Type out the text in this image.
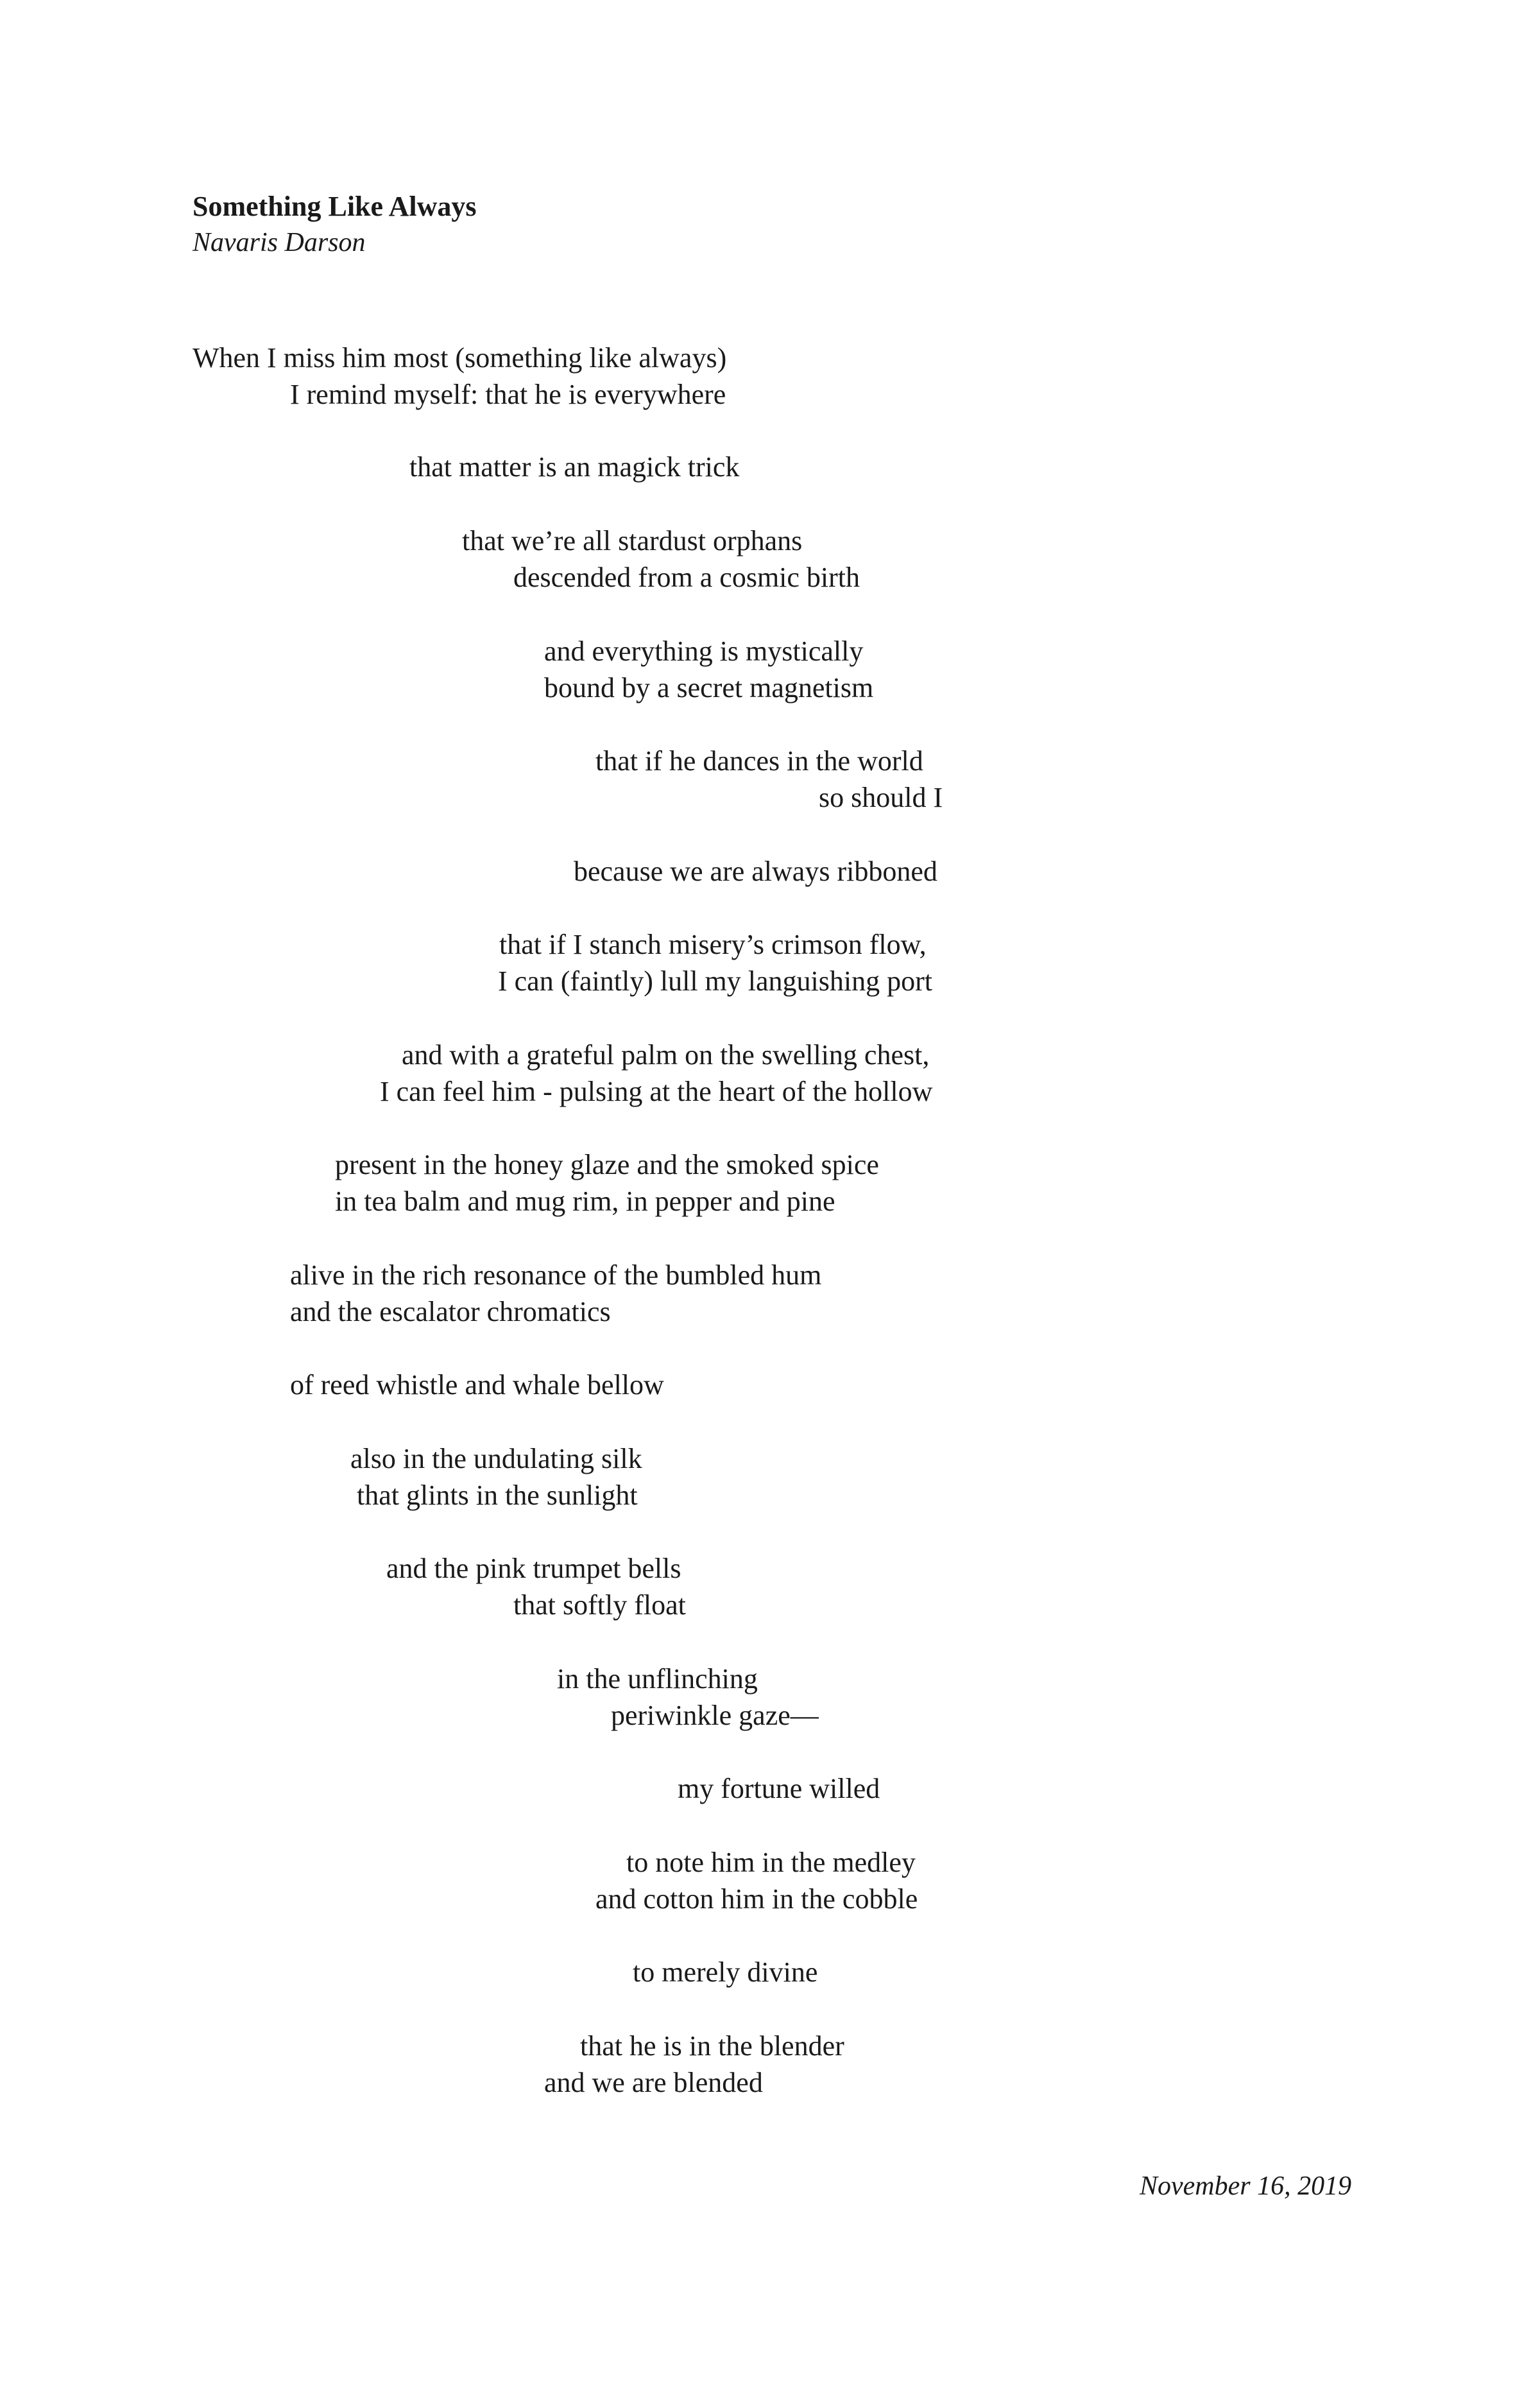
Something Like Always
Navaris Darson
When I miss him most (something like always)
I remind myself: that he is everywhere
that matter is an magick trick
that we’re all stardust orphans
descended from a cosmic birth
and everything is mystically
bound by a secret magnetism
that if he dances in the world
so should I
because we are always ribboned
that if I stanch misery’s crimson flow,
I can (faintly) lull my languishing port
and with a grateful palm on the swelling chest,
I can feel him - pulsing at the heart of the hollow
present in the honey glaze and the smoked spice
in tea balm and mug rim, in pepper and pine
alive in the rich resonance of the bumbled hum
and the escalator chromatics
of reed whistle and whale bellow
also in the undulating silk
that glints in the sunlight
and the pink trumpet bells
that softly float
in the unflinching
periwinkle gaze—
my fortune willed
to note him in the medley
and cotton him in the cobble
to merely divine
that he is in the blender
and we are blended
November 16, 2019
